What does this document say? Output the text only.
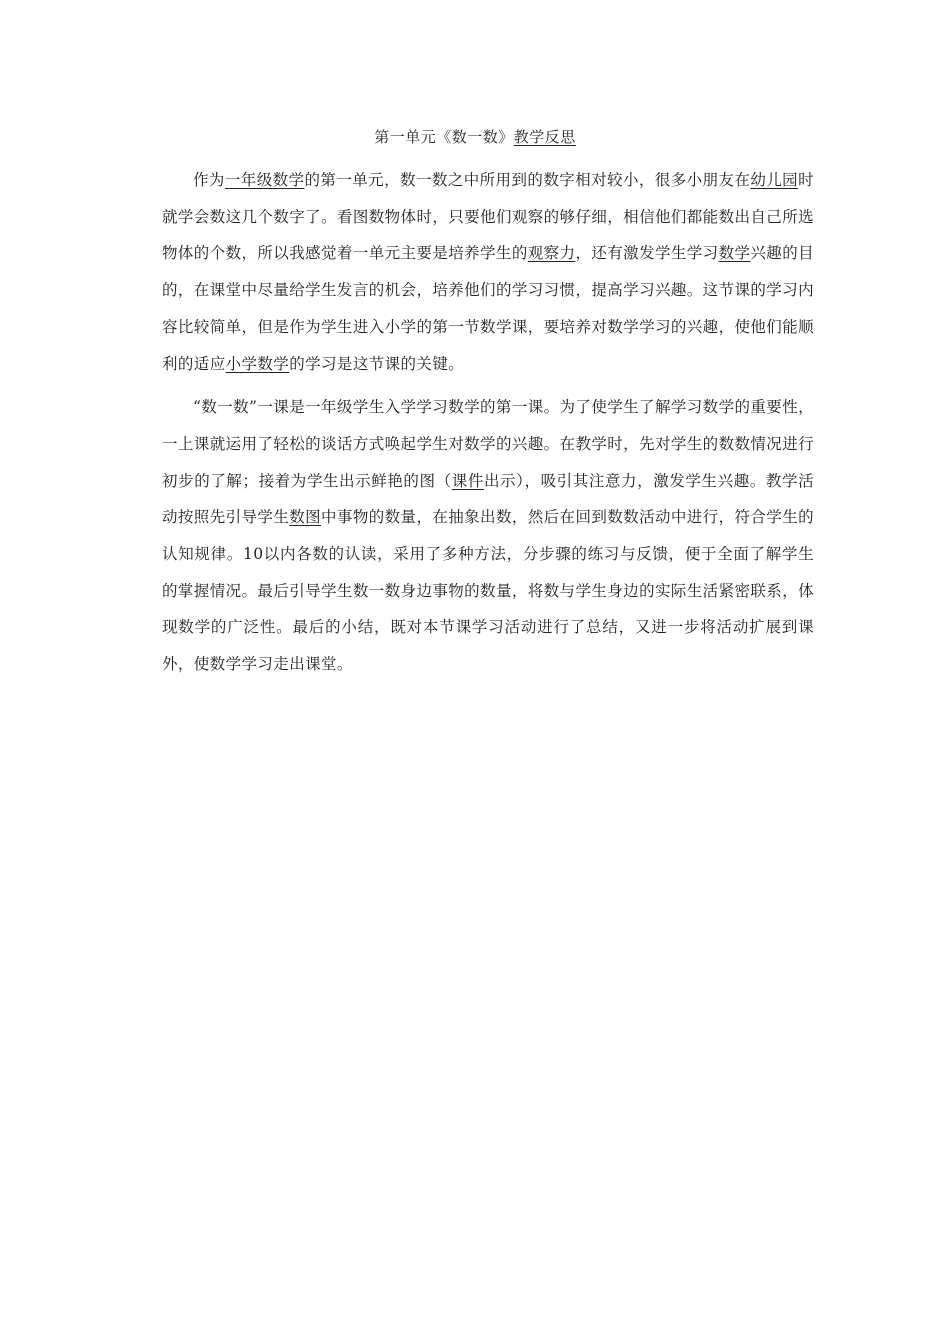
第一单元《数一数》教学反思

作为一年级数学的第一单元，数一数之中所用到的数字相对较小，很多小朋友在幼儿园时就学会数这几个数字了。看图数物体时，只要他们观察的够仔细，相信他们都能数出自己所选物体的个数，所以我感觉着一单元主要是培养学生的观察力，还有激发学生学习数学兴趣的目的，在课堂中尽量给学生发言的机会，培养他们的学习习惯，提高学习兴趣。这节课的学习内容比较简单，但是作为学生进入小学的第一节数学课，要培养对数学学习的兴趣，使他们能顺利的适应小学数学的学习是这节课的关键。

“数一数”一课是一年级学生入学学习数学的第一课。为了使学生了解学习数学的重要性，一上课就运用了轻松的谈话方式唤起学生对数学的兴趣。在教学时，先对学生的数数情况进行初步的了解；接着为学生出示鲜艳的图（课件出示），吸引其注意力，激发学生兴趣。教学活动按照先引导学生数图中事物的数量，在抽象出数，然后在回到数数活动中进行，符合学生的认知规律。10以内各数的认读，采用了多种方法，分步骤的练习与反馈，便于全面了解学生的掌握情况。最后引导学生数一数身边事物的数量，将数与学生身边的实际生活紧密联系，体现数学的广泛性。最后的小结，既对本节课学习活动进行了总结，又进一步将活动扩展到课外，使数学学习走出课堂。
